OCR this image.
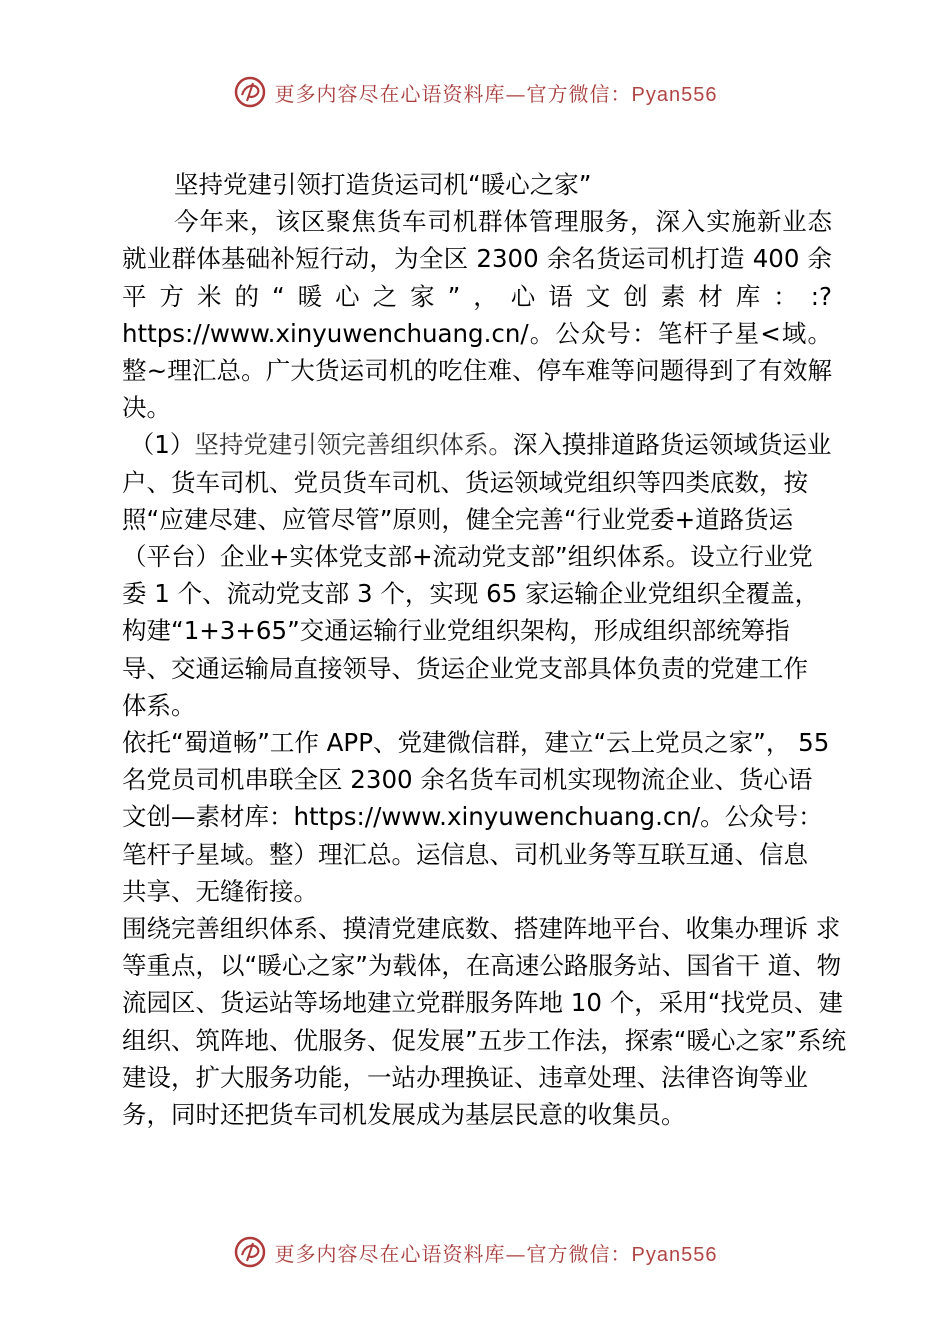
更多内容尽在心语资料库—官方微信：Pyan556

坚持党建引领打造货运司机“暖心之家”

今年来，该区聚焦货车司机群体管理服务，深入实施新业态就业群体基础补短行动，为全区 2300 余名货运司机打造 400 余平方米的“暖心之家”，心语文创素材库：:?https://www.xinyuwenchuang.cn/。公众号：笔杆子星<域。整~理汇总。广大货运司机的吃住难、停车难等问题得到了有效解决。

（1）坚持党建引领完善组织体系。深入摸排道路货运领域货运业户、货车司机、党员货车司机、货运领域党组织等四类底数，按照“应建尽建、应管尽管”原则，健全完善“行业党委+道路货运（平台）企业+实体党支部+流动党支部”组织体系。设立行业党委 1 个、流动党支部 3 个，实现 65 家运输企业党组织全覆盖，构建“1+3+65”交通运输行业党组织架构，形成组织部统筹指导、交通运输局直接领导、货运企业党支部具体负责的党建工作体系。

依托“蜀道畅”工作 APP、党建微信群，建立“云上党员之家”， 55 名党员司机串联全区 2300 余名货车司机实现物流企业、货心语文创—素材库：https://www.xinyuwenchuang.cn/。公众号：笔杆子星域。整）理汇总。运信息、司机业务等互联互通、信息共享、无缝衔接。

围绕完善组织体系、摸清党建底数、搭建阵地平台、收集办理诉 求等重点，以“暖心之家”为载体，在高速公路服务站、国省干 道、物流园区、货运站等场地建立党群服务阵地 10 个，采用“找党员、建组织、筑阵地、优服务、促发展”五步工作法，探索“暖心之家”系统建设，扩大服务功能，一站办理换证、违章处理、法律咨询等业务，同时还把货车司机发展成为基层民意的收集员。

更多内容尽在心语资料库—官方微信：Pyan556
